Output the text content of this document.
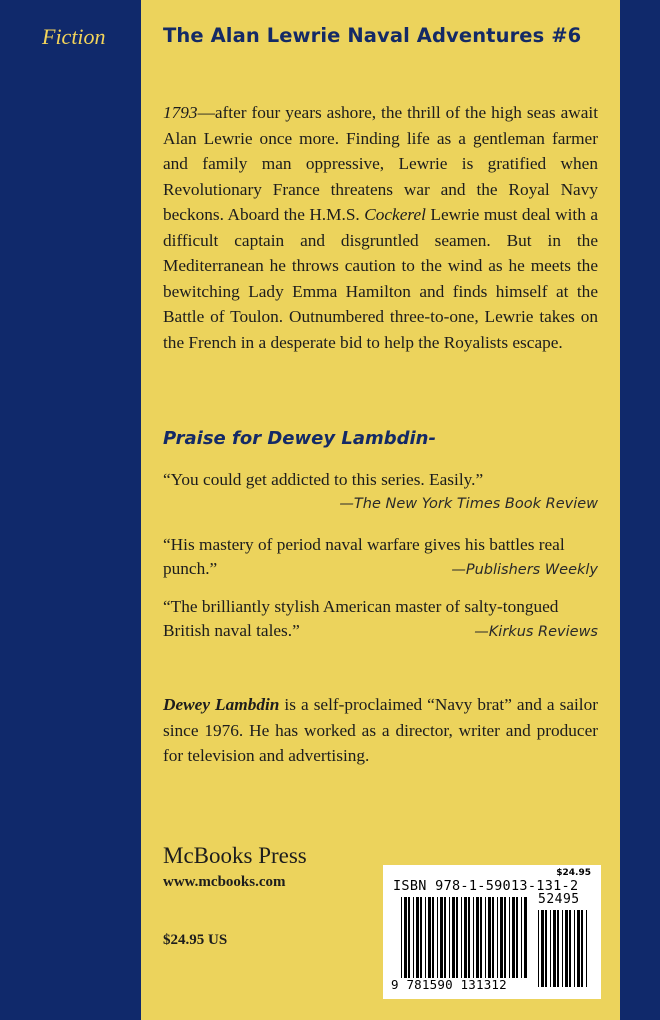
Fiction	The Alan Lewrie Naval Adventures #6

1793—after four years ashore, the thrill of the high seas await Alan Lewrie once more. Finding life as a gentleman farmer and family man oppressive, Lewrie is gratified when Revolutionary France threatens war and the Royal Navy beckons. Aboard the H.M.S. Cockerel Lewrie must deal with a difficult captain and disgruntled seamen. But in the Mediterranean he throws caution to the wind as he meets the bewitching Lady Emma Hamilton and finds himself at the Battle of Toulon. Outnumbered three-to-one, Lewrie takes on the French in a desperate bid to help the Royalists escape.

Praise for Dewey Lambdin-
“You could get addicted to this series. Easily.”
—The New York Times Book Review
“His mastery of period naval warfare gives his battles real
punch.”	—Publishers Weekly
“The brilliantly stylish American master of salty-tongued
British naval tales.”	—Kirkus Reviews

Dewey Lambdin is a self-proclaimed “Navy brat” and a sailor since 1976. He has worked as a director, writer and producer for television and advertising.

McBooks Press
www.mcbooks.com
$24.95 US
$24.95
ISBN 978-1-59013-131-2
52495
9 781590 131312
